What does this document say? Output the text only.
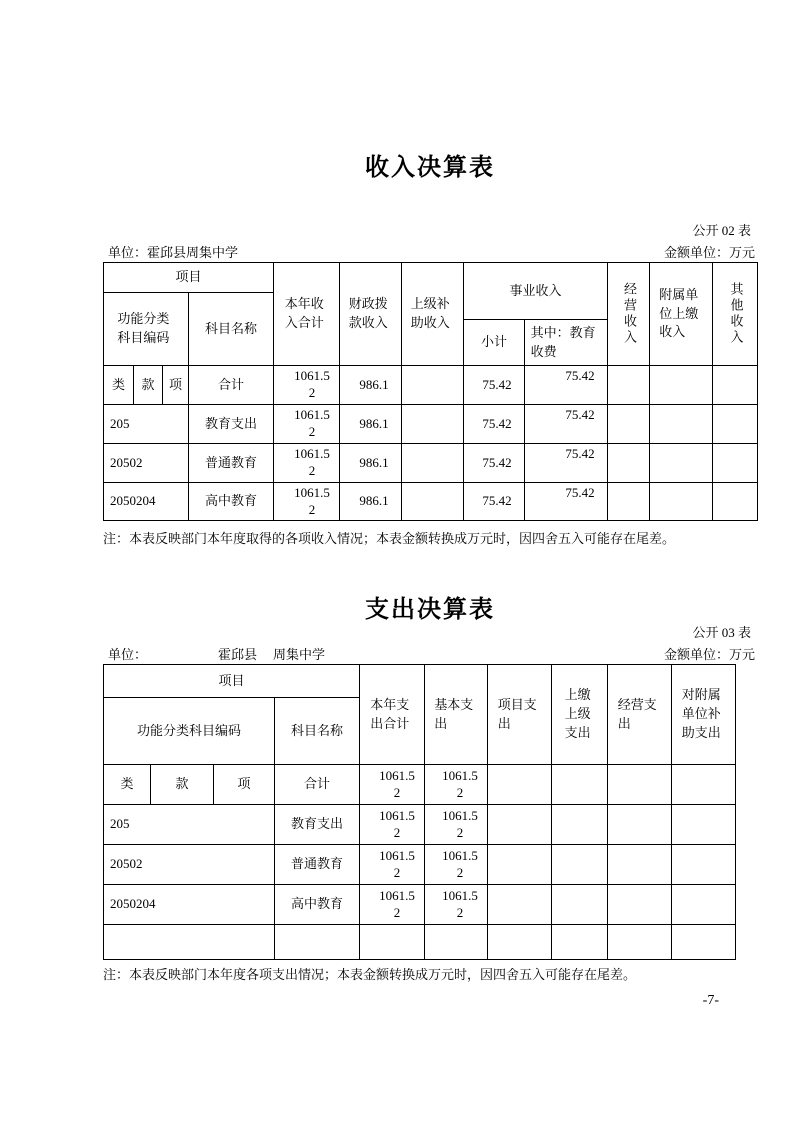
收入决算表
公开 02 表
单位：霍邱县周集中学	金额单位：万元
项目				本年收入合计	财政拨款收入	上级补助收入	事业收入		经营收入	附属单位上缴收入	其他收入

功能分类科目编码			科目名称								
							小计	其中：教育收费			
类	款	项	合计	1061.52	986.1		75.42	75.42			
205			教育支出	1061.52	986.1		75.42	75.42			
20502			普通教育	1061.52	986.1		75.42	75.42			
2050204			高中教育	1061.52	986.1		75.42	75.42			
注：本表反映部门本年度取得的各项收入情况；本表金额转换成万元时，因四舍五入可能存在尾差。
支出决算表
公开 03 表
单位：	霍邱县 周集中学	金额单位：万元
项目				本年支出合计	基本支出	项目支出	上缴上级支出	经营支出	对附属单位补助支出
功能分类科目编码			科目名称						
类	款	项	合计	1061.52	1061.52				
205			教育支出	1061.52	1061.52				
20502			普通教育	1061.52	1061.52				
2050204			高中教育	1061.52	1061.52				

注：本表反映部门本年度各项支出情况；本表金额转换成万元时，因四舍五入可能存在尾差。
-7-
